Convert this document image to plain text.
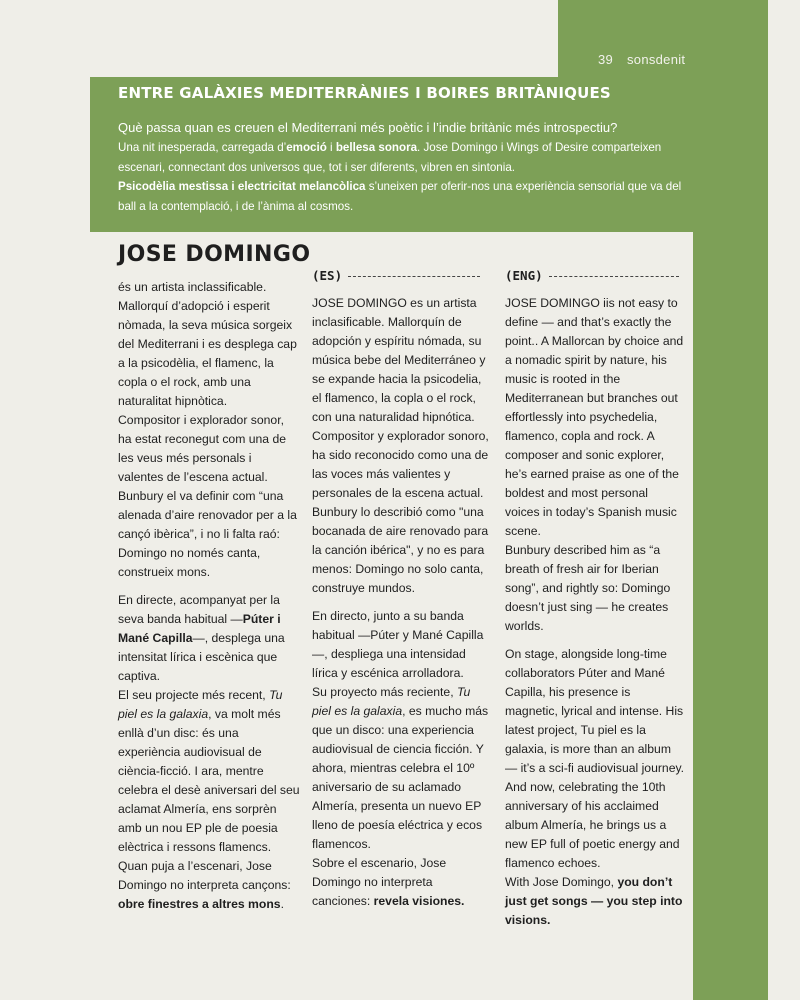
39 sonsdenit
ENTRE GALÀXIES MEDITERRÀNIES I BOIRES BRITÀNIQUES

Què passa quan es creuen el Mediterrani més poètic i l’indie britànic més introspectiu?

Una nit inesperada, carregada d’emoció i bellesa sonora. Jose Domingo i Wings of Desire comparteixen escenari, connectant dos universos que, tot i ser diferents, vibren en sintonia.

Psicodèlia mestissa i electricitat melancòlica s’uneixen per oferir-nos una experiència sensorial que va del ball a la contemplació, i de l’ànima al cosmos.

JOSE DOMINGO

és un artista inclassificable. Mallorquí d’adopció i esperit nòmada, la seva música sorgeix del Mediterrani i es desplega cap a la psicodèlia, el flamenc, la copla o el rock, amb una naturalitat hipnòtica.

Compositor i explorador sonor, ha estat reconegut com una de les veus més personals i valentes de l’escena actual.

Bunbury el va definir com “una alenada d’aire renovador per a la cançó ibèrica”, i no li falta raó: Domingo no només canta, construeix mons.

En directe, acompanyat per la seva banda habitual —Púter i Mané Capilla—, desplega una intensitat lírica i escènica que captiva.

El seu projecte més recent, Tu piel es la galaxia, va molt més enllà d’un disc: és una experiència audiovisual de ciència-ficció. I ara, mentre celebra el desè aniversari del seu aclamat Almería, ens sorprèn amb un nou EP ple de poesia elèctrica i ressons flamencs.

Quan puja a l’escenari, Jose Domingo no interpreta cançons: obre finestres a altres mons.

(ES)	(ENG)

JOSE DOMINGO es un artista inclasificable. Mallorquín de adopción y espíritu nómada, su música bebe del Mediterráneo y se expande hacia la psicodelia, el flamenco, la copla o el rock, con una naturalidad hipnótica.

Compositor y explorador sonoro, ha sido reconocido como una de las voces más valientes y personales de la escena actual.

Bunbury lo describió como "una bocanada de aire renovado para la canción ibérica", y no es para menos: Domingo no solo canta, construye mundos.

En directo, junto a su banda habitual —Púter y Mané Capilla—, despliega una intensidad lírica y escénica arrolladora.

Su proyecto más reciente, Tu piel es la galaxia, es mucho más que un disco: una experiencia audiovisual de ciencia ficción. Y ahora, mientras celebra el 10º aniversario de su aclamado Almería, presenta un nuevo EP lleno de poesía eléctrica y ecos flamencos.

Sobre el escenario, Jose Domingo no interpreta canciones: revela visiones.

JOSE DOMINGO iis not easy to define — and that’s exactly the point.. A Mallorcan by choice and a nomadic spirit by nature, his music is rooted in the Mediterranean but branches out effortlessly into psychedelia, flamenco, copla and rock. A composer and sonic explorer, he’s earned praise as one of the boldest and most personal voices in today’s Spanish music scene.

Bunbury described him as “a breath of fresh air for Iberian song”, and rightly so: Domingo doesn’t just sing — he creates worlds.

On stage, alongside long-time collaborators Púter and Mané Capilla, his presence is magnetic, lyrical and intense. His latest project, Tu piel es la galaxia, is more than an album — it’s a sci-fi audiovisual journey. And now, celebrating the 10th anniversary of his acclaimed album Almería, he brings us a new EP full of poetic energy and flamenco echoes.

With Jose Domingo, you don’t just get songs — you step into visions.
